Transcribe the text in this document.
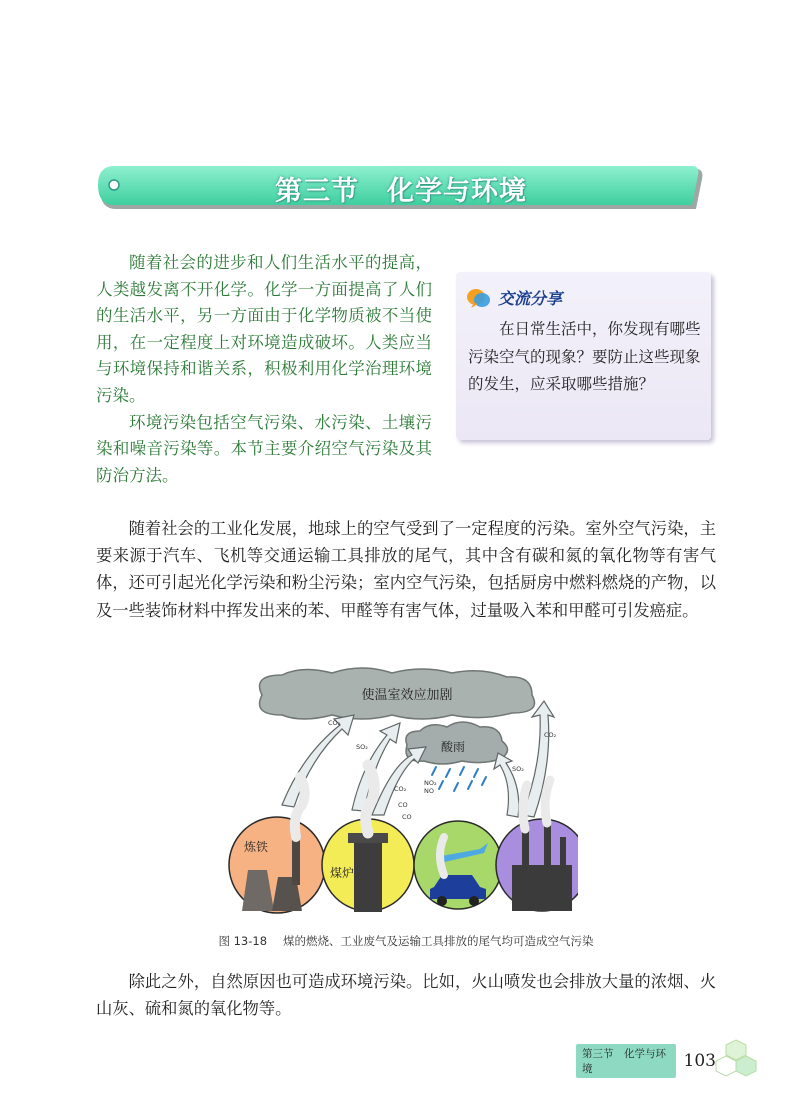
第三节　化学与环境

随着社会的进步和人们生活水平的提高，人类越发离不开化学。化学一方面提高了人们的生活水平，另一方面由于化学物质被不当使用，在一定程度上对环境造成破坏。人类应当与环境保持和谐关系，积极利用化学治理环境污染。

环境污染包括空气污染、水污染、土壤污染和噪音污染等。本节主要介绍空气污染及其防治方法。

交流分享

在日常生活中，你发现有哪些污染空气的现象？要防止这些现象的发生，应采取哪些措施？

随着社会的工业化发展，地球上的空气受到了一定程度的污染。室外空气污染，主要来源于汽车、飞机等交通运输工具排放的尾气，其中含有碳和氮的氧化物等有害气体，还可引起光化学污染和粉尘污染；室内空气污染，包括厨房中燃料燃烧的产物，以及一些装饰材料中挥发出来的苯、甲醛等有害气体，过量吸入苯和甲醛可引发癌症。

使温室效应加剧
酸雨
CO₂
SO₂
CO₂
SO₂
NO₂
NO
CO₂
CO
CO
炼铁
煤炉
图 13-18 煤的燃烧、工业废气及运输工具排放的尾气均可造成空气污染

除此之外，自然原因也可造成环境污染。比如，火山喷发也会排放大量的浓烟、火山灰、硫和氮的氧化物等。

第三节　化学与环境	103
